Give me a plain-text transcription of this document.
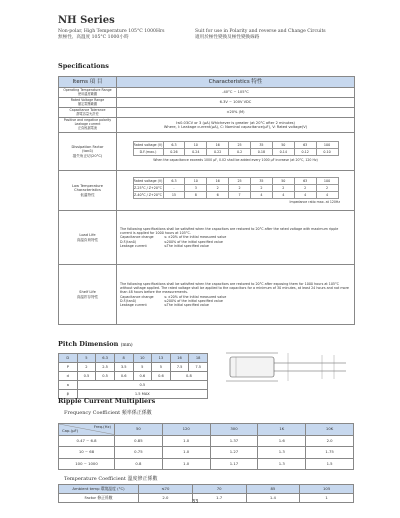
NH Series
Non-polar, High Temperature 105°C 1000Hrs	Suit for use in Polarity and reverse and Change Circuits
無極性、高溫度 105°C 1000小時	適用於極性變換及極性變換線路
Specifications
Items 項 目	Characteristics 特性
Operating Temperature Range
使用溫度範圍	-40°C ~ 105°C
Rated Voltage Range
額定電壓範圍	6.3V ~ 100V VDC
Capacitance Tolerance
靜電容量允許差	±20% (M)
Positive and negative polarity
Leakage current
正負極漏電流	I≤0.03CV or 3 (μA) Whichever is greater (at 20°C after 2 minutes)
Where, I: Leakage current(μA), C: Nominal capacitance(μF), V: Rated voltage(V)
Dissipation Factor
(tanδ)
損失角正切(20°C)	
Rated voltage (V)	6.3	10	16	25	35	50	63	100
D.F.(max.)	0.26	0.24	0.22	0.2	0.18	0.14	0.12	0.10
When the capacitance exceeds 1000 μF, 0.02 shall be added every 1000 μF increase (at 20°C, 120 Hz)

Low Temperature
Characteristics
低溫特性	
Rated voltage (V)	6.3	10	16	25	35	50	63	100
Z-25°C / Z+20°C	-	3	2	2	2	2	2	2
Z-40°C / Z+20°C	15	8	6	7	4	4	4	4
Impedance ratio max. at 120Hz

Load Life
高溫負荷特性	
The following specifications shall be satisfied when the capacitors are restored to 20°C after the rated voltage with maximum ripple current is applied for 1000 hours at 105°C.
Capacitance change	≤ ±20% of the initial measured value
D.F.(tanδ)	≤200% of the initial specified value
Leakage current	≤The initial specified value

Shelf Life
高溫貯存特性	
The following specifications shall be satisfied when the capacitors are restored to 20°C after exposing them for 1000 hours at 105°C without voltage applied. The rated voltage shall be applied to the capacitors for a minimum of 30 minutes, at least 24 hours and not more than 48 hours before the measurements.
Capacitance change	≤ ±20% of the initial measured value
D.F.(tanδ)	≤200% of the initial specified value
Leakage current	≤The initial specified value
Pitch Dimension (mm)
D	5	6.3	8	10	13	16	18
P	2	2.5	3.5	5	5	7.5	7.5
d	0.5	0.5	0.6	0.6	0.6	0.8	
a	0.5						
β	1.5 MAX						
Ripple Current Multipliers
Frequency Coefficient 頻率係正係數
Freq.(Hz)
Cap.(μF)	50	120	300	1K	10K
0.47 ~ 6.8	0.85	1.0	1.37	1.6	2.0
10 ~ 68	0.75	1.0	1.27	1.3	1.75
100 ~ 1000	0.8	1.0	1.17	1.3	1.5
Temperature Coefficient 溫度修正係數
Ambient temp 環境溫度 (°C)	≤70	70	85	105
Factor 修正係數	2.0	1.7	1.4	1
33
